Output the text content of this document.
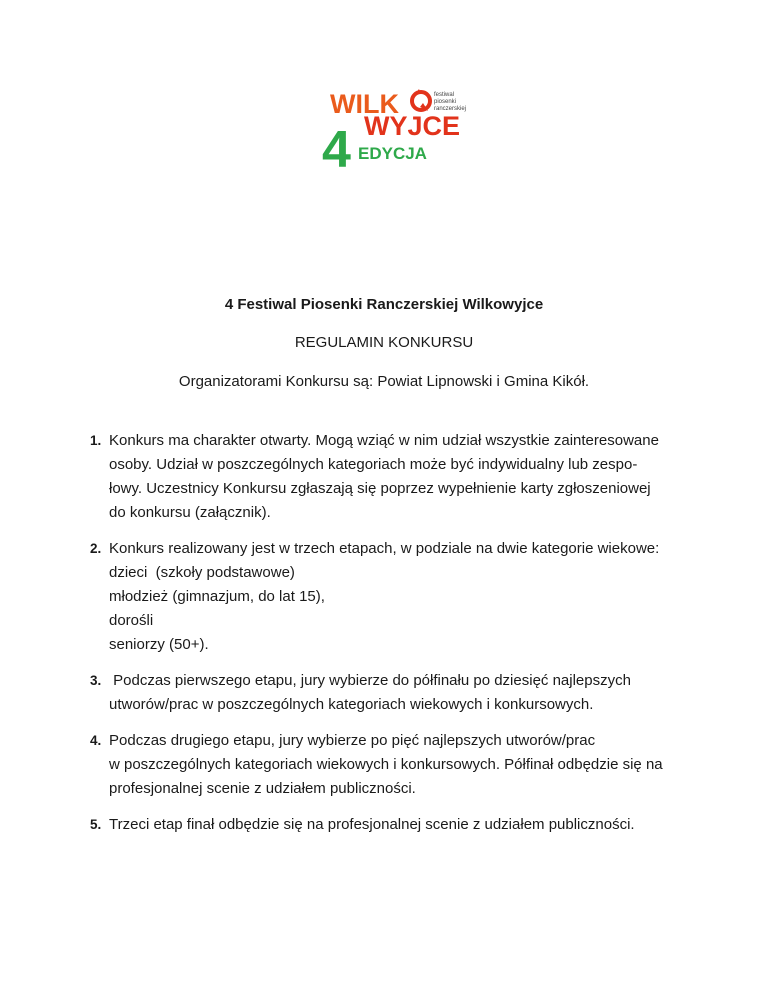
WILK	festiwal
piosenki
ranczerskiej
WYJCE
4 EDYCJA
4 Festiwal Piosenki Ranczerskiej Wilkowyjce
REGULAMIN KONKURSU
Organizatorami Konkursu są: Powiat Lipnowski i Gmina Kikół.
1. Konkurs ma charakter otwarty. Mogą wziąć w nim udział wszystkie zainteresowane
osoby. Udział w poszczególnych kategoriach może być indywidualny lub zespo-
łowy. Uczestnicy Konkursu zgłaszają się poprzez wypełnienie karty zgłoszeniowej
do konkursu (załącznik).
2. Konkurs realizowany jest w trzech etapach, w podziale na dwie kategorie wiekowe:
dzieci  (szkoły podstawowe)
młodzież (gimnazjum, do lat 15),
dorośli
seniorzy (50+).
3. Podczas pierwszego etapu, jury wybierze do półfinału po dziesięć najlepszych
utworów/prac w poszczególnych kategoriach wiekowych i konkursowych.
4. Podczas drugiego etapu, jury wybierze po pięć najlepszych utworów/prac
w poszczególnych kategoriach wiekowych i konkursowych. Półfinał odbędzie się na
profesjonalnej scenie z udziałem publiczności.
5. Trzeci etap finał odbędzie się na profesjonalnej scenie z udziałem publiczności.
